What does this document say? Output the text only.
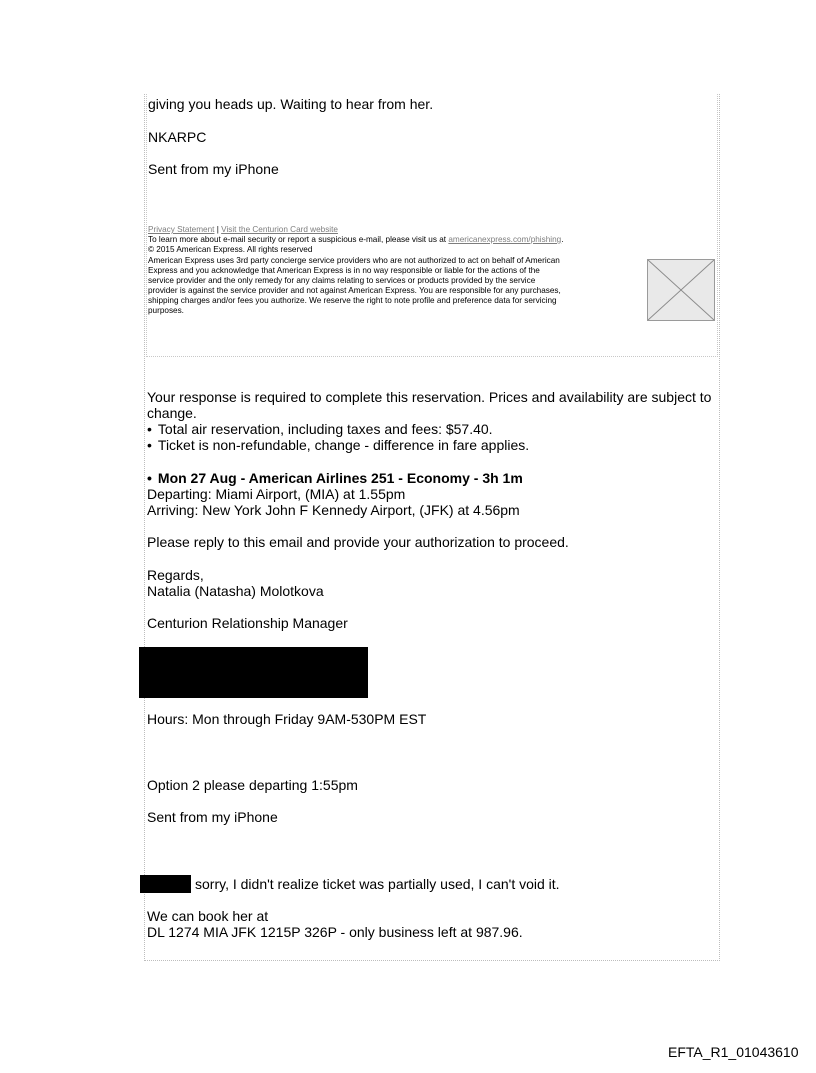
giving you heads up. Waiting to hear from her.
NKARPC
Sent from my iPhone
Privacy Statement | Visit the Centurion Card website
To learn more about e-mail security or report a suspicious e-mail, please visit us at americanexpress.com/phishing.
© 2015 American Express. All rights reserved
American Express uses 3rd party concierge service providers who are not authorized to act on behalf of American
Express and you acknowledge that American Express is in no way responsible or liable for the actions of the
service provider and the only remedy for any claims relating to services or products provided by the service
provider is against the service provider and not against American Express. You are responsible for any purchases,
shipping charges and/or fees you authorize. We reserve the right to note profile and preference data for servicing
purposes.
Your response is required to complete this reservation. Prices and availability are subject to
change.
• Total air reservation, including taxes and fees: $57.40.
• Ticket is non-refundable, change - difference in fare applies.
• Mon 27 Aug - American Airlines 251 - Economy - 3h 1m
Departing: Miami Airport, (MIA) at 1.55pm
Arriving: New York John F Kennedy Airport, (JFK) at 4.56pm
Please reply to this email and provide your authorization to proceed.
Regards,
Natalia (Natasha) Molotkova
Centurion Relationship Manager
Hours: Mon through Friday 9AM-530PM EST
Option 2 please departing 1:55pm
Sent from my iPhone
sorry, I didn't realize ticket was partially used, I can't void it.
We can book her at
DL 1274 MIA JFK 1215P 326P - only business left at 987.96.
EFTA_R1_01043610
